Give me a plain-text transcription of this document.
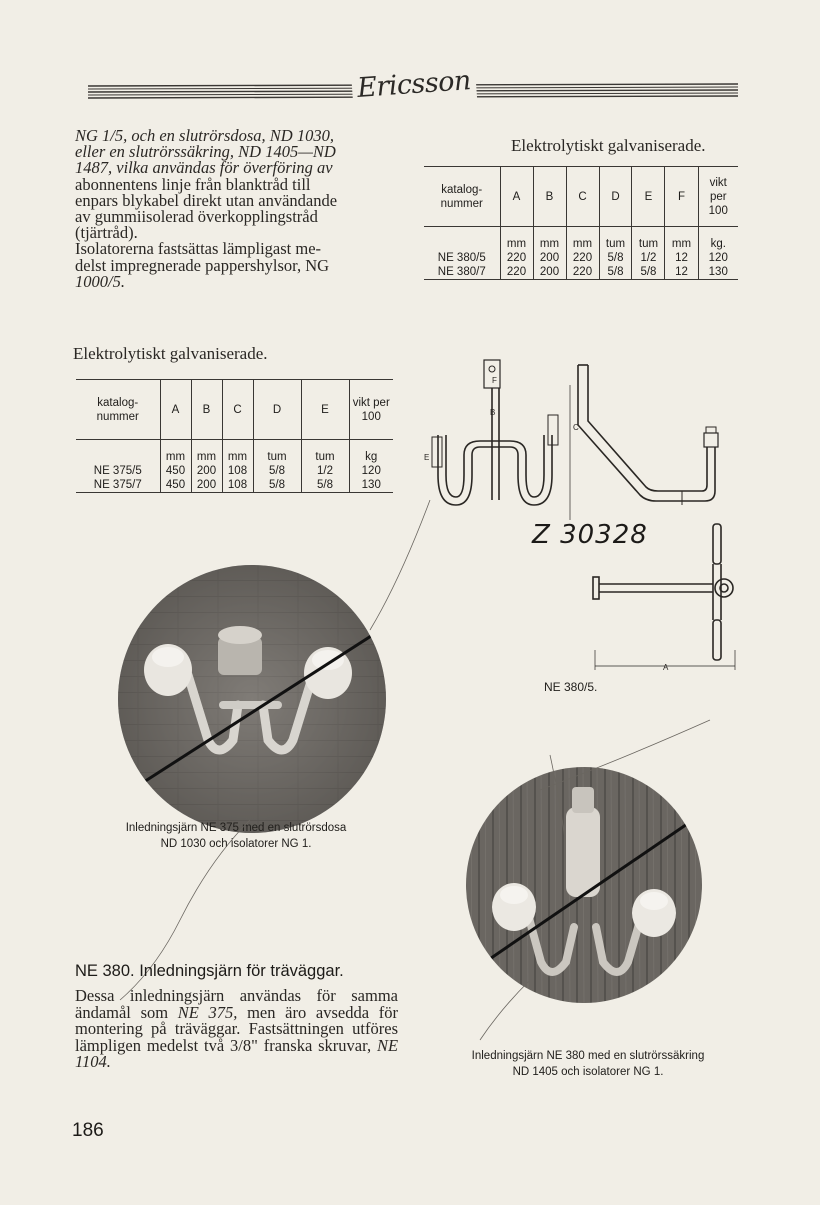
Ericsson

NG 1/5, och en slutrörsdosa, ND 1030,

eller en slutrörssäkring, ND 1405—ND

1487, vilka användas för överföring av

abonnentens linje från blanktråd till

enpars blykabel direkt utan användande

av gummiisolerad överkopplingstråd

(tjärtråd).

Isolatorerna fastsättas lämpligast me-

delst impregnerade pappershylsor, NG

1000/5.

Elektrolytiskt galvaniserade.
katalog-nummer	A	B	C	D	E	F	vikt per 100
	mm	mm	mm	tum	tum	mm	kg.
NE 380/5	220	200	220	5/8	1/2	12	120
NE 380/7	220	200	220	5/8	5/8	12	130
Elektrolytiskt galvaniserade.
katalog-nummer	A	B	C	D	E	vikt per 100
	mm	mm	mm	tum	tum	kg
NE 375/5	450	200	108	5/8	1/2	120
NE 375/7	450	200	108	5/8	5/8	130
F
B
C
E
Z 30328
A
NE 380/5.
Inledningsjärn NE 375 med en slutrörsdosa
ND 1030 och isolatorer NG 1.
Inledningsjärn NE 380 med en slutrörssäkring
ND 1405 och isolatorer NG 1.
NE 380. Inledningsjärn för träväggar.
Dessa inledningsjärn användas för samma ändamål som NE 375, men äro avsedda för montering på träväggar. Fastsättningen utföres lämpligen medelst två 3/8" franska skruvar, NE 1104.
186
